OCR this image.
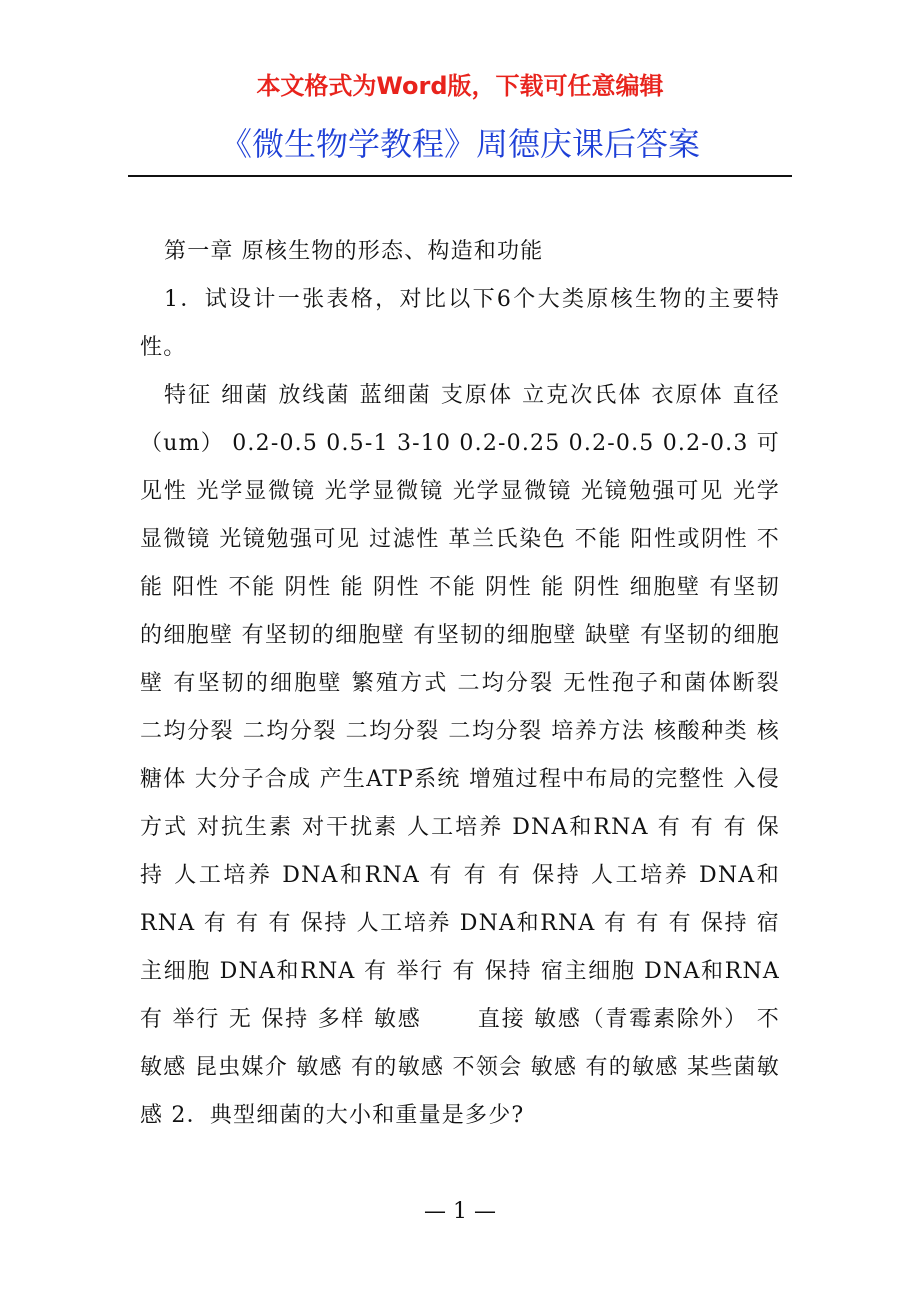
本文格式为Word版，下载可任意编辑
《微生物学教程》周德庆课后答案

第一章 原核生物的形态、构造和功能

1．试设计一张表格，对比以下6个大类原核生物的主要特性。

特征 细菌 放线菌 蓝细菌 支原体 立克次氏体 衣原体 直径（um） 0.2-0.5 0.5-1 3-10 0.2-0.25 0.2-0.5 0.2-0.3 可见性 光学显微镜 光学显微镜 光学显微镜 光镜勉强可见 光学显微镜 光镜勉强可见 过滤性 革兰氏染色 不能 阳性或阴性 不能 阳性 不能 阴性 能 阴性 不能 阴性 能 阴性 细胞壁 有坚韧的细胞壁 有坚韧的细胞壁 有坚韧的细胞壁 缺壁 有坚韧的细胞壁 有坚韧的细胞壁 繁殖方式 二均分裂 无性孢子和菌体断裂 二均分裂 二均分裂 二均分裂 二均分裂 培养方法 核酸种类 核糖体 大分子合成 产生ATP系统 增殖过程中布局的完整性 入侵方式 对抗生素 对干扰素 人工培养 DNA和RNA 有 有 有 保持 人工培养 DNA和RNA 有 有 有 保持 人工培养 DNA和RNA 有 有 有 保持 人工培养 DNA和RNA 有 有 有 保持 宿主细胞 DNA和RNA 有 举行 有 保持 宿主细胞 DNA和RNA 有 举行 无 保持 多样 敏感 　　直接 敏感（青霉素除外） 不敏感 昆虫媒介 敏感 有的敏感 不领会 敏感 有的敏感 某些菌敏感 2．典型细菌的大小和重量是多少?

— 1 —
